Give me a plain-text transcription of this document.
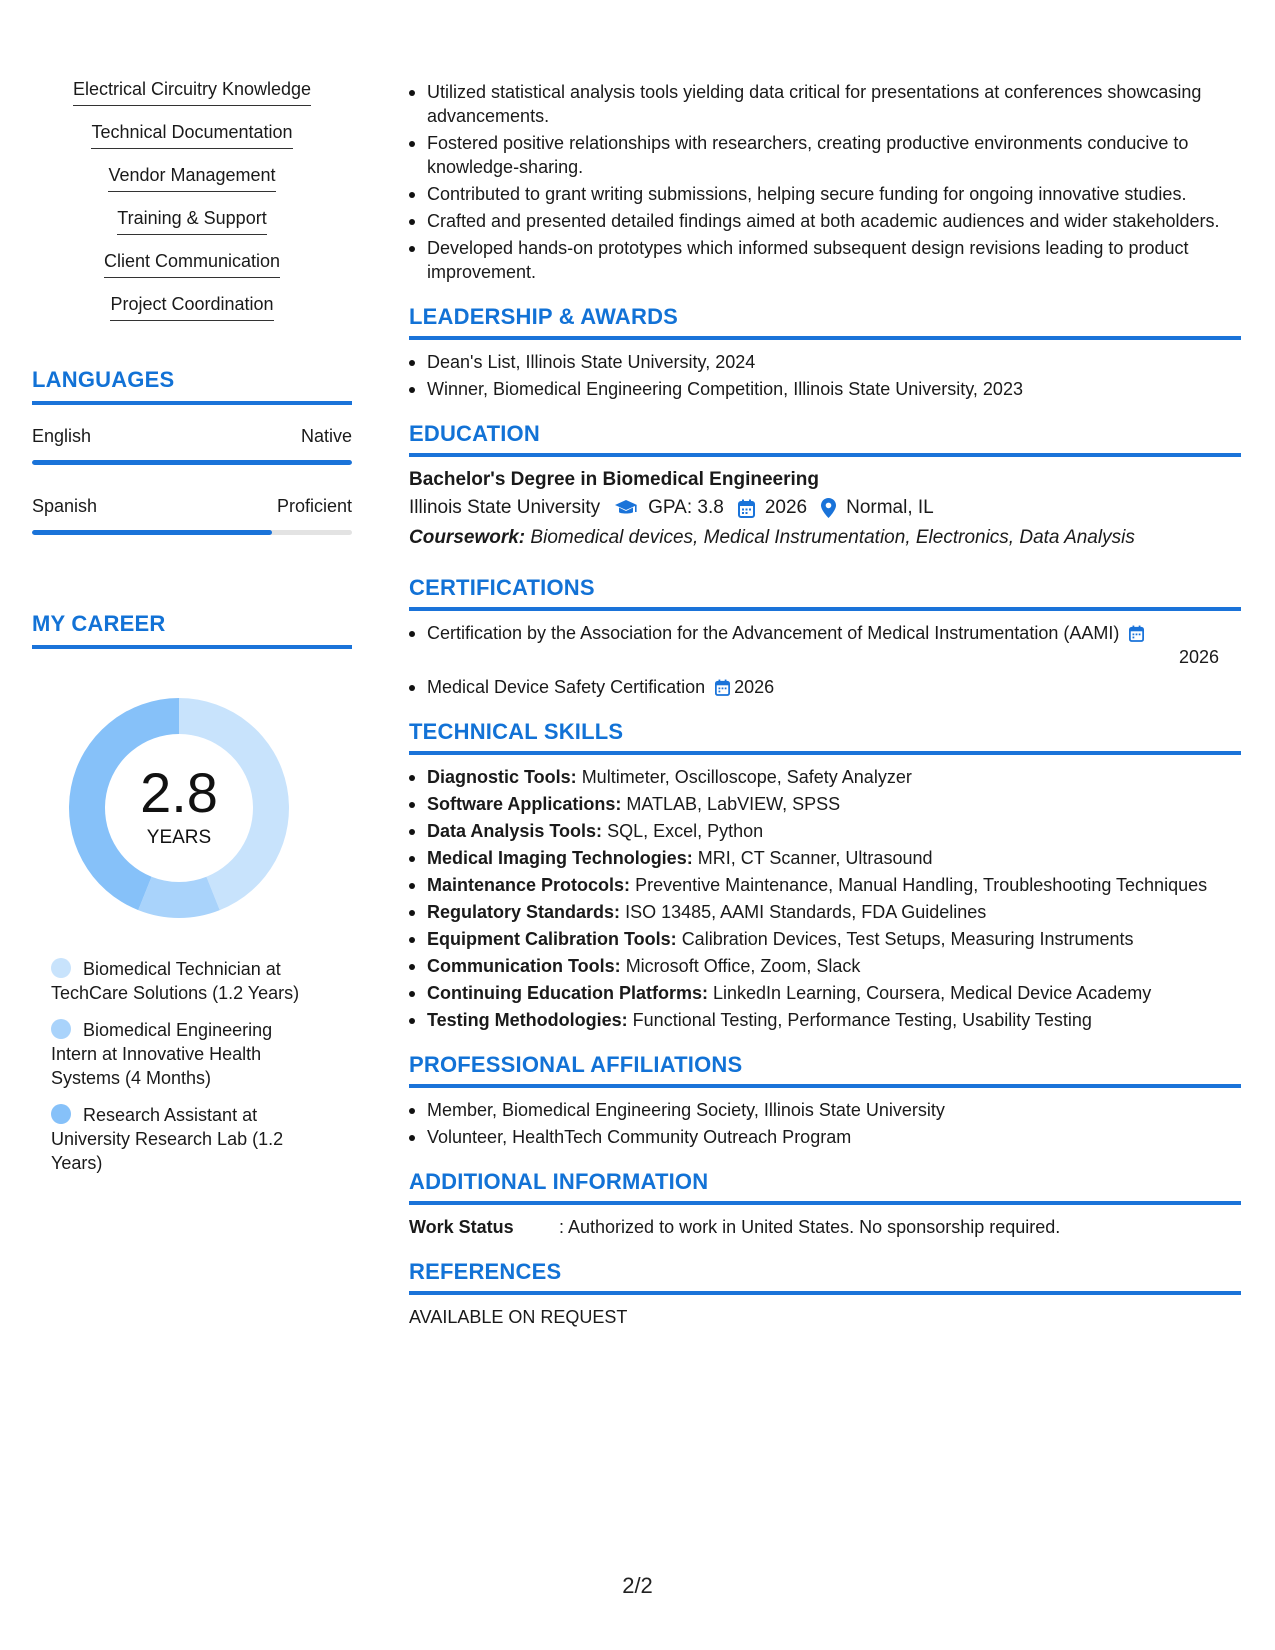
Electrical Circuitry Knowledge
Technical Documentation
Vendor Management
Training & Support
Client Communication
Project Coordination
LANGUAGES
English	Native
Spanish	Proficient
MY CAREER
2.8
YEARS
Biomedical Technician at TechCare Solutions (1.2 Years)
Biomedical Engineering Intern at Innovative Health Systems (4 Months)
Research Assistant at University Research Lab (1.2 Years)
Utilized statistical analysis tools yielding data critical for presentations at conferences showcasing advancements.
Fostered positive relationships with researchers, creating productive environments conducive to knowledge-sharing.
Contributed to grant writing submissions, helping secure funding for ongoing innovative studies.
Crafted and presented detailed findings aimed at both academic audiences and wider stakeholders.
Developed hands-on prototypes which informed subsequent design revisions leading to product improvement.
LEADERSHIP & AWARDS
Dean's List, Illinois State University, 2024
Winner, Biomedical Engineering Competition, Illinois State University, 2023
EDUCATION
Bachelor's Degree in Biomedical Engineering
Illinois State University	GPA: 3.8 2026 Normal, IL
Coursework: Biomedical devices, Medical Instrumentation, Electronics, Data Analysis
CERTIFICATIONS
Certification by the Association for the Advancement of Medical Instrumentation (AAMI)
2026
Medical Device Safety Certification 2026
TECHNICAL SKILLS
Diagnostic Tools: Multimeter, Oscilloscope, Safety Analyzer
Software Applications: MATLAB, LabVIEW, SPSS
Data Analysis Tools: SQL, Excel, Python
Medical Imaging Technologies: MRI, CT Scanner, Ultrasound
Maintenance Protocols: Preventive Maintenance, Manual Handling, Troubleshooting Techniques
Regulatory Standards: ISO 13485, AAMI Standards, FDA Guidelines
Equipment Calibration Tools: Calibration Devices, Test Setups, Measuring Instruments
Communication Tools: Microsoft Office, Zoom, Slack
Continuing Education Platforms: LinkedIn Learning, Coursera, Medical Device Academy
Testing Methodologies: Functional Testing, Performance Testing, Usability Testing
PROFESSIONAL AFFILIATIONS
Member, Biomedical Engineering Society, Illinois State University
Volunteer, HealthTech Community Outreach Program
ADDITIONAL INFORMATION
Work Status	: Authorized to work in United States. No sponsorship required.
REFERENCES
AVAILABLE ON REQUEST
2/2
